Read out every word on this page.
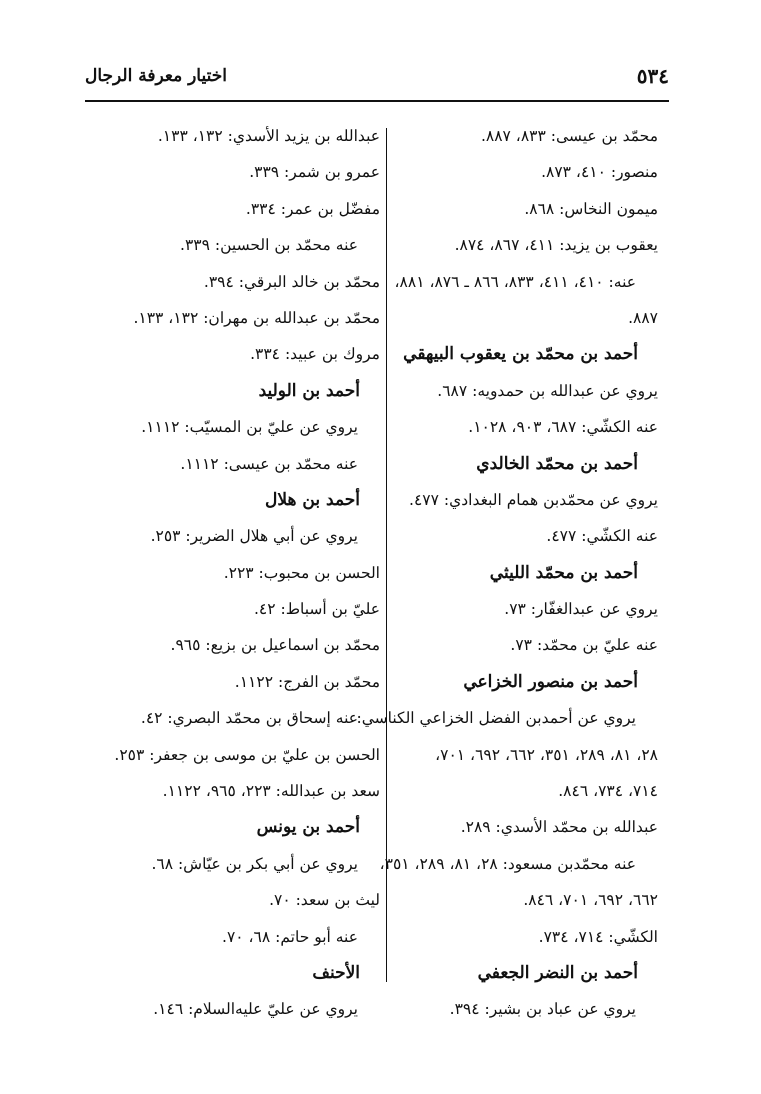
٥٣٤
اختيار معرفة الرجال
محمّد بن عيسى: ٨٣٣، ٨٨٧.
منصور: ٤١٠، ٨٧٣.
ميمون النخاس: ٨٦٨.
يعقوب بن يزيد: ٤١١، ٨٦٧، ٨٧٤.
عنه: ٤١٠، ٤١١، ٨٣٣، ٨٦٦ ـ ٨٧٦، ٨٨١،
٨٨٧.
أحمد بن محمّد بن يعقوب البيهقي
يروي عن عبدالله بن حمدويه: ٦٨٧.
عنه الكشّي: ٦٨٧، ٩٠٣، ١٠٢٨.
أحمد بن محمّد الخالدي
يروي عن محمّدبن همام البغدادي: ٤٧٧.
عنه الكشّي: ٤٧٧.
أحمد بن محمّد الليثي
يروي عن عبدالغفّار: ٧٣.
عنه عليّ بن محمّد: ٧٣.
أحمد بن منصور الخزاعي
يروي عن أحمدبن الفضل الخزاعي الكناسي:
٢٨، ٨١، ٢٨٩، ٣٥١، ٦٦٢، ٦٩٢، ٧٠١،
٧١٤، ٧٣٤، ٨٤٦.
عبدالله بن محمّد الأسدي: ٢٨٩.
عنه محمّدبن مسعود: ٢٨، ٨١، ٢٨٩، ٣٥١،
٦٦٢، ٦٩٢، ٧٠١، ٨٤٦.
الكشّي: ٧١٤، ٧٣٤.
أحمد بن النضر الجعفي
يروي عن عباد بن بشير: ٣٩٤.
عبدالله بن يزيد الأسدي: ١٣٢، ١٣٣.
عمرو بن شمر: ٣٣٩.
مفضّل بن عمر: ٣٣٤.
عنه محمّد بن الحسين: ٣٣٩.
محمّد بن خالد البرقي: ٣٩٤.
محمّد بن عبدالله بن مهران: ١٣٢، ١٣٣.
مروك بن عبيد: ٣٣٤.
أحمد بن الوليد
يروي عن عليّ بن المسيّب: ١١١٢.
عنه محمّد بن عيسى: ١١١٢.
أحمد بن هلال
يروي عن أبي هلال الضرير: ٢٥٣.
الحسن بن محبوب: ٢٢٣.
عليّ بن أسباط: ٤٢.
محمّد بن اسماعيل بن بزيع: ٩٦٥.
محمّد بن الفرج: ١١٢٢.
عنه إسحاق بن محمّد البصري: ٤٢.
الحسن بن عليّ بن موسى بن جعفر: ٢٥٣.
سعد بن عبدالله: ٢٢٣، ٩٦٥، ١١٢٢.
أحمد بن يونس
يروي عن أبي بكر بن عيّاش: ٦٨.
ليث بن سعد: ٧٠.
عنه أبو حاتم: ٦٨، ٧٠.
الأحنف
يروي عن عليّ عليه‌السلام: ١٤٦.
